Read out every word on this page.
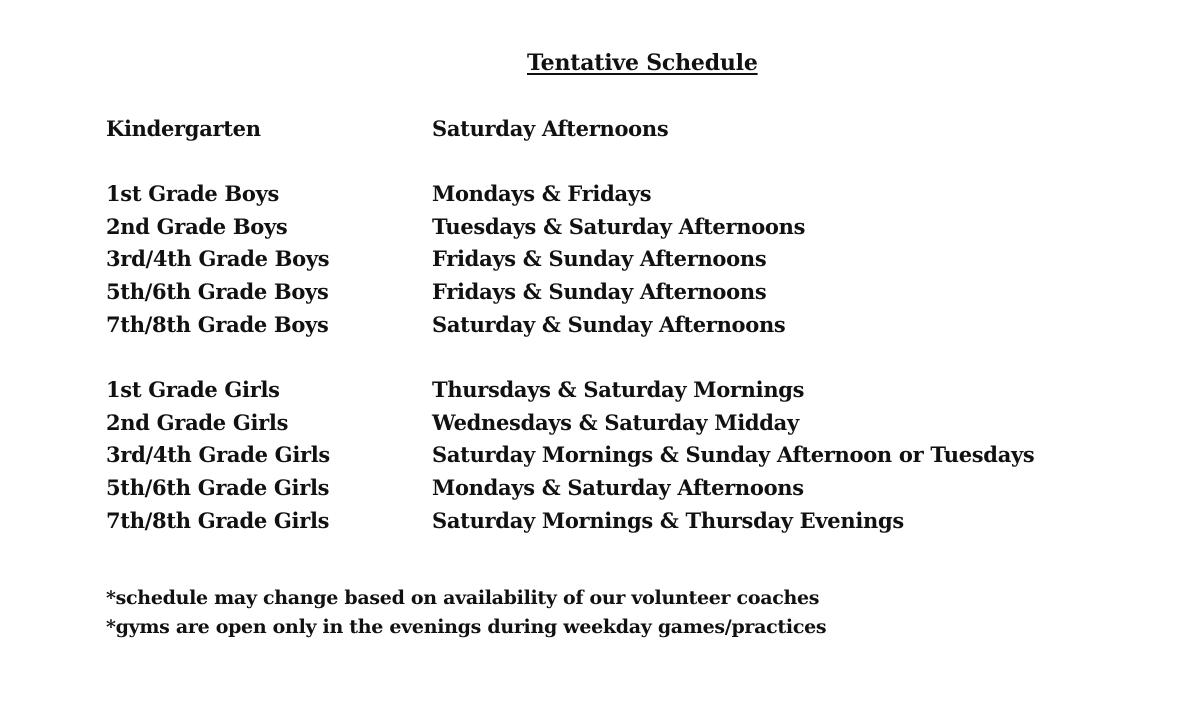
Tentative Schedule
Kindergarten	Saturday Afternoons
1st Grade Boys	Mondays & Fridays
2nd Grade Boys	Tuesdays & Saturday Afternoons
3rd/4th Grade Boys	Fridays & Sunday Afternoons
5th/6th Grade Boys	Fridays & Sunday Afternoons
7th/8th Grade Boys	Saturday & Sunday Afternoons
1st Grade Girls	Thursdays & Saturday Mornings
2nd Grade Girls	Wednesdays & Saturday Midday
3rd/4th Grade Girls	Saturday Mornings & Sunday Afternoon or Tuesdays
5th/6th Grade Girls	Mondays & Saturday Afternoons
7th/8th Grade Girls	Saturday Mornings & Thursday Evenings
*schedule may change based on availability of our volunteer coaches
*gyms are open only in the evenings during weekday games/practices
